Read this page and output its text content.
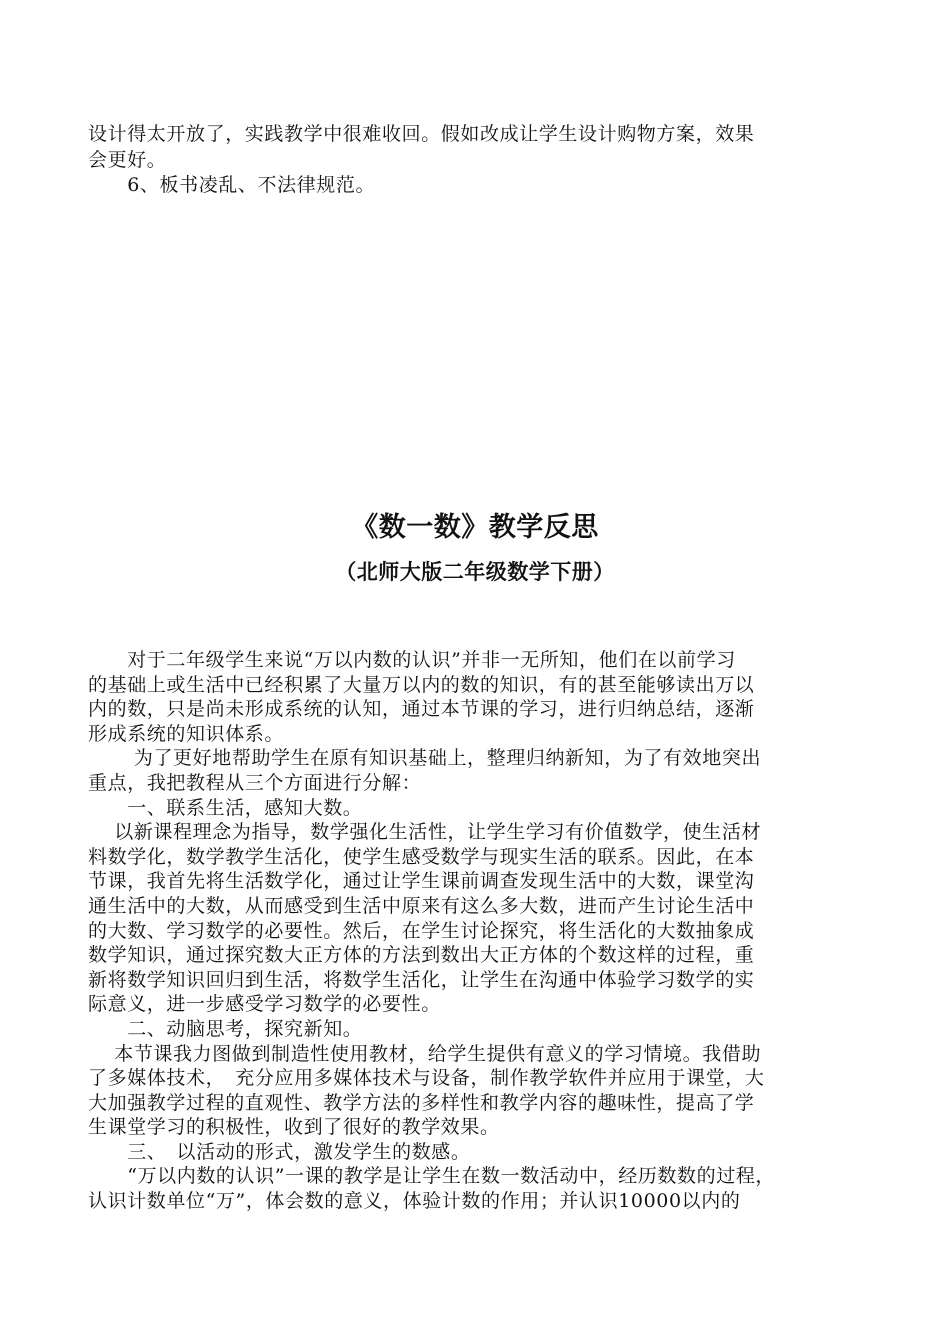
设计得太开放了，实践教学中很难收回。假如改成让学生设计购物方案，效果
会更好。
　　6、板书凌乱、不法律规范。
《数一数》教学反思
（北师大版二年级数学下册）
　　对于二年级学生来说“万以内数的认识”并非一无所知，他们在以前学习
的基础上或生活中已经积累了大量万以内的数的知识，有的甚至能够读出万以
内的数，只是尚未形成系统的认知，通过本节课的学习，进行归纳总结，逐渐
形成系统的知识体系。
　　 为了更好地帮助学生在原有知识基础上，整理归纳新知，为了有效地突出
重点，我把教程从三个方面进行分解：
　　一、联系生活，感知大数。
　 以新课程理念为指导，数学强化生活性，让学生学习有价值数学，使生活材
料数学化，数学教学生活化，使学生感受数学与现实生活的联系。因此，在本
节课，我首先将生活数学化，通过让学生课前调查发现生活中的大数，课堂沟
通生活中的大数，从而感受到生活中原来有这么多大数，进而产生讨论生活中
的大数、学习数学的必要性。然后，在学生讨论探究，将生活化的大数抽象成
数学知识，通过探究数大正方体的方法到数出大正方体的个数这样的过程，重
新将数学知识回归到生活，将数学生活化，让学生在沟通中体验学习数学的实
际意义，进一步感受学习数学的必要性。
　　二、动脑思考，探究新知。
　 本节课我力图做到制造性使用教材，给学生提供有意义的学习情境。我借助
了多媒体技术，　充分应用多媒体技术与设备，制作教学软件并应用于课堂，大
大加强教学过程的直观性、教学方法的多样性和教学内容的趣味性，提高了学
生课堂学习的积极性，收到了很好的教学效果。
　　三、　以活动的形式，激发学生的数感。
　　“万以内数的认识”一课的教学是让学生在数一数活动中，经历数数的过程，
认识计数单位“万”，体会数的意义，体验计数的作用；并认识10000以内的
